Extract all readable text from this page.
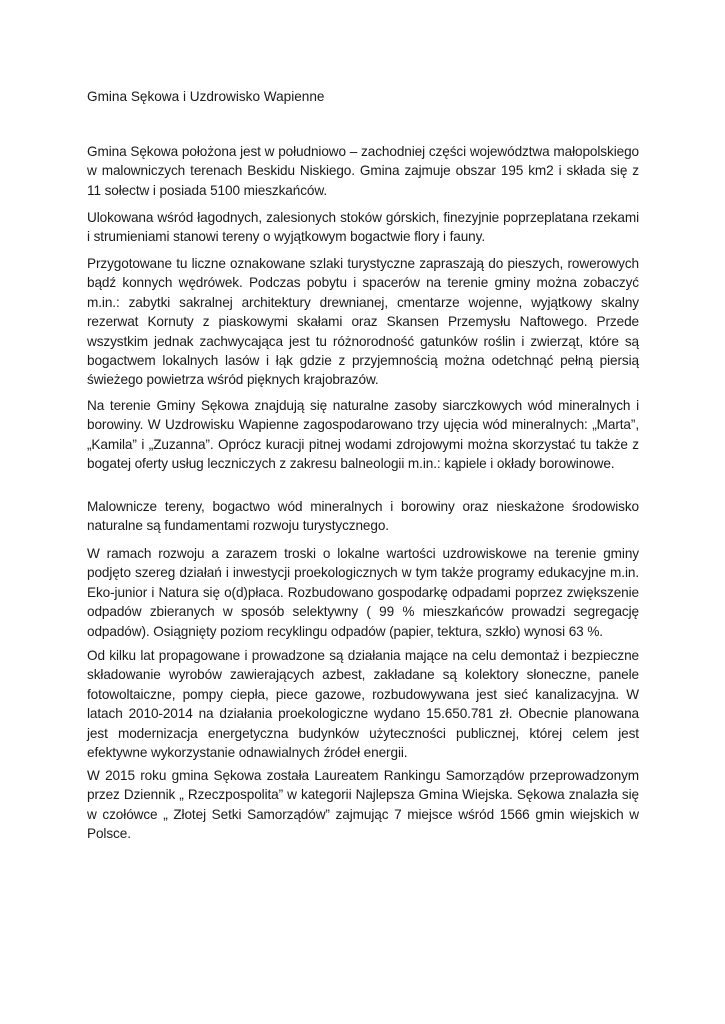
Gmina Sękowa i Uzdrowisko Wapienne

Gmina Sękowa położona jest w południowo – zachodniej części województwa małopolskiego w malowniczych terenach Beskidu Niskiego. Gmina zajmuje obszar 195 km2 i składa się z 11 sołectw i posiada 5100 mieszkańców.

Ulokowana wśród łagodnych, zalesionych stoków górskich, finezyjnie poprzeplatana rzekami i strumieniami stanowi tereny o wyjątkowym bogactwie flory i fauny.

Przygotowane tu liczne oznakowane szlaki turystyczne zapraszają do pieszych, rowerowych bądź konnych wędrówek. Podczas pobytu i spacerów na terenie gminy można zobaczyć m.in.: zabytki sakralnej architektury drewnianej, cmentarze wojenne, wyjątkowy skalny rezerwat Kornuty z piaskowymi skałami oraz Skansen Przemysłu Naftowego. Przede wszystkim jednak zachwycająca jest tu różnorodność gatunków roślin i zwierząt, które są bogactwem lokalnych lasów i łąk gdzie z przyjemnością można odetchnąć pełną piersią świeżego powietrza wśród pięknych krajobrazów.

Na terenie Gminy Sękowa znajdują się naturalne zasoby siarczkowych wód mineralnych i borowiny. W Uzdrowisku Wapienne zagospodarowano trzy ujęcia wód mineralnych: „Marta”, „Kamila” i „Zuzanna”. Oprócz kuracji pitnej wodami zdrojowymi można skorzystać tu także z bogatej oferty usług leczniczych z zakresu balneologii m.in.: kąpiele i okłady borowinowe.

Malownicze tereny, bogactwo wód mineralnych i borowiny oraz nieskażone środowisko naturalne są fundamentami rozwoju turystycznego.

W ramach rozwoju a zarazem troski o lokalne wartości uzdrowiskowe na terenie gminy podjęto szereg działań i inwestycji proekologicznych w tym także programy edukacyjne m.in. Eko-junior i Natura się o(d)płaca. Rozbudowano gospodarkę odpadami poprzez zwiększenie odpadów zbieranych w sposób selektywny ( 99 % mieszkańców prowadzi segregację odpadów). Osiągnięty poziom recyklingu odpadów (papier, tektura, szkło) wynosi 63 %.

Od kilku lat propagowane i prowadzone są działania mające na celu demontaż i bezpieczne składowanie wyrobów zawierających azbest, zakładane są kolektory słoneczne, panele fotowoltaiczne, pompy ciepła, piece gazowe, rozbudowywana jest sieć kanalizacyjna. W latach 2010-2014 na działania proekologiczne wydano 15.650.781 zł. Obecnie planowana jest modernizacja energetyczna budynków użyteczności publicznej, której celem jest efektywne wykorzystanie odnawialnych źródeł energii.

W 2015 roku gmina Sękowa została Laureatem Rankingu Samorządów przeprowadzonym przez Dziennik „ Rzeczpospolita” w kategorii Najlepsza Gmina Wiejska. Sękowa znalazła się w czołówce „ Złotej Setki Samorządów” zajmując 7 miejsce wśród 1566 gmin wiejskich w Polsce.
